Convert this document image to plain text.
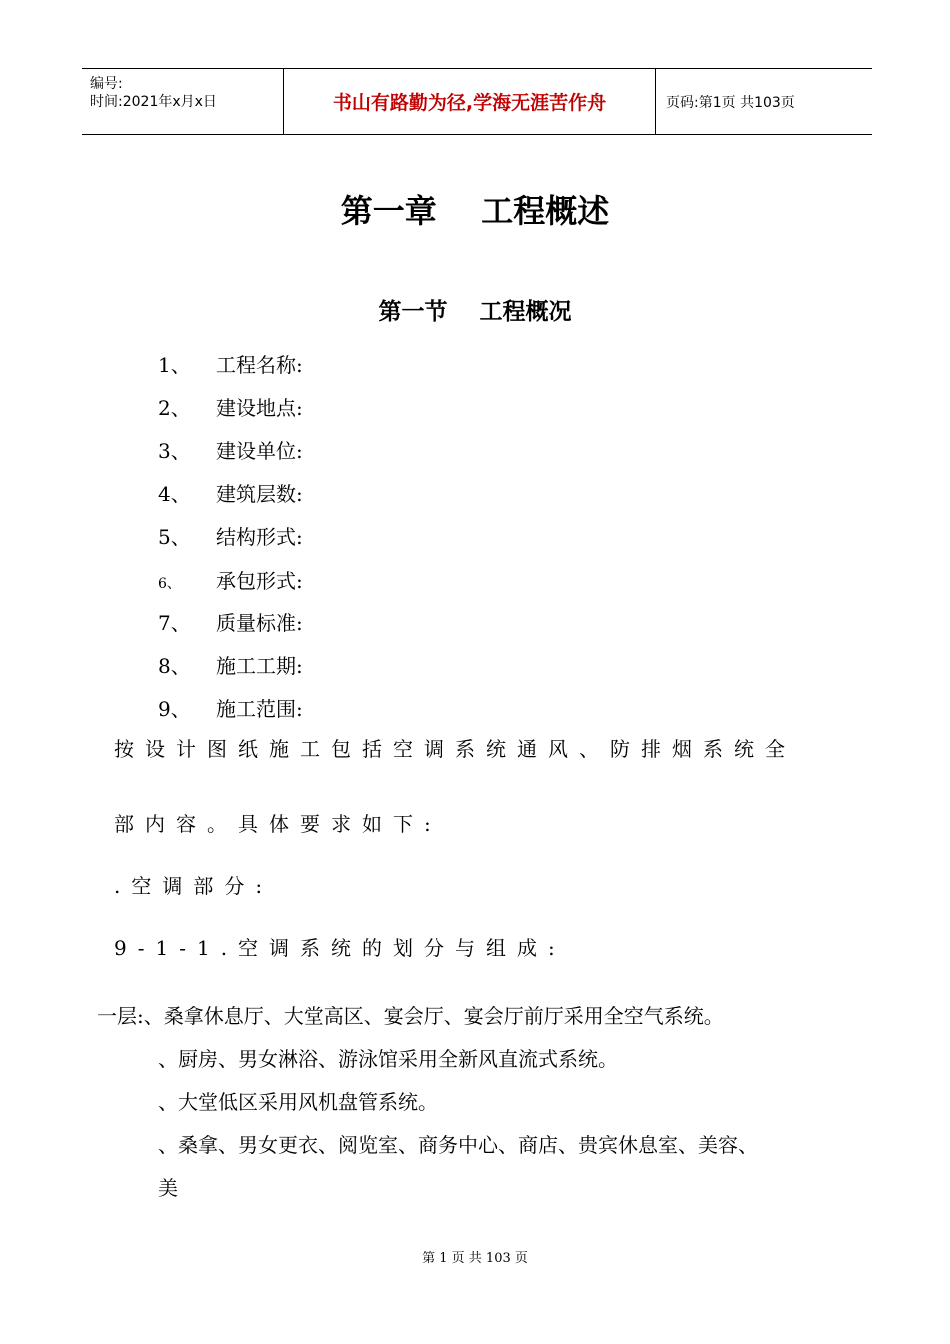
编号:
时间:2021年x月x日	书山有路勤为径,学海无涯苦作舟	页码:第1页 共103页
第一章    工程概述
第一节    工程概况
1、 工程名称:
2、 建设地点:
3、 建设单位:
4、 建筑层数:
5、 结构形式:
6、 承包形式:
7、 质量标准:
8、 施工工期:
9、 施工范围:
按设计图纸施工包括空调系统通风、防排烟系统全
部内容。具体要求如下:
.空调部分:
9-1-1.空调系统的划分与组成:
一层:、桑拿休息厅、大堂高区、宴会厅、宴会厅前厅采用全空气系统。
、厨房、男女淋浴、游泳馆采用全新风直流式系统。
、大堂低区采用风机盘管系统。
、桑拿、男女更衣、阅览室、商务中心、商店、贵宾休息室、美容、
美
第 1 页 共 103 页
